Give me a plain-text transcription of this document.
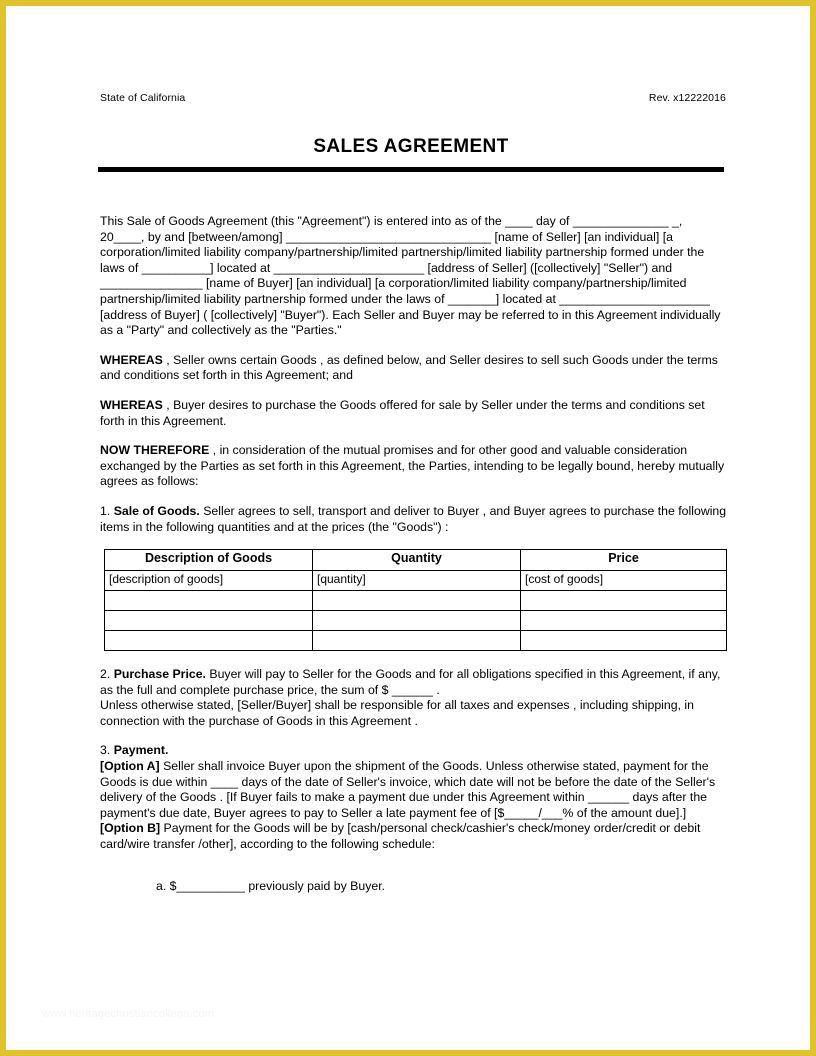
State of California	Rev. x12222016
SALES AGREEMENT

This Sale of Goods Agreement (this "Agreement") is entered into as of the ____ day of ______________ _, 20____, by and [between/among] ______________________________ [name of Seller] [an individual] [a corporation/limited liability company/partnership/limited partnership/limited liability partnership formed under the laws of __________] located at ______________________ [address of Seller] ([collectively] "Seller") and _______________ [name of Buyer] [an individual] [a corporation/limited liability company/partnership/limited partnership/limited liability partnership formed under the laws of _______] located at ______________________ [address of Buyer] ( [collectively] "Buyer"). Each Seller and Buyer may be referred to in this Agreement individually as a "Party" and collectively as the "Parties."

WHEREAS , Seller owns certain Goods , as defined below, and Seller desires to sell such Goods under the terms and conditions set forth in this Agreement; and

WHEREAS , Buyer desires to purchase the Goods offered for sale by Seller under the terms and conditions set forth in this Agreement.

NOW THEREFORE , in consideration of the mutual promises and for other good and valuable consideration exchanged by the Parties as set forth in this Agreement, the Parties, intending to be legally bound, hereby mutually agrees as follows:

1. Sale of Goods. Seller agrees to sell, transport and deliver to Buyer , and Buyer agrees to purchase the following items in the following quantities and at the prices (the "Goods") :

Description of Goods	Quantity	Price
[description of goods]	[quantity]	[cost of goods]

2. Purchase Price. Buyer will pay to Seller for the Goods and for all obligations specified in this Agreement, if any, as the full and complete purchase price, the sum of $ ______ .

Unless otherwise stated, [Seller/Buyer] shall be responsible for all taxes and expenses , including shipping, in connection with the purchase of Goods in this Agreement .

3. Payment.

[Option A] Seller shall invoice Buyer upon the shipment of the Goods. Unless otherwise stated, payment for the Goods is due within ____ days of the date of Seller's invoice, which date will not be before the date of the Seller's delivery of the Goods . [If Buyer fails to make a payment due under this Agreement within ______ days after the payment's due date, Buyer agrees to pay to Seller a late payment fee of [$_____/___% of the amount due].]

[Option B] Payment for the Goods will be by [cash/personal check/cashier's check/money order/credit or debit card/wire transfer /other], according to the following schedule:

a. $__________ previously paid by Buyer.
www.heritagechristiancollege.com
